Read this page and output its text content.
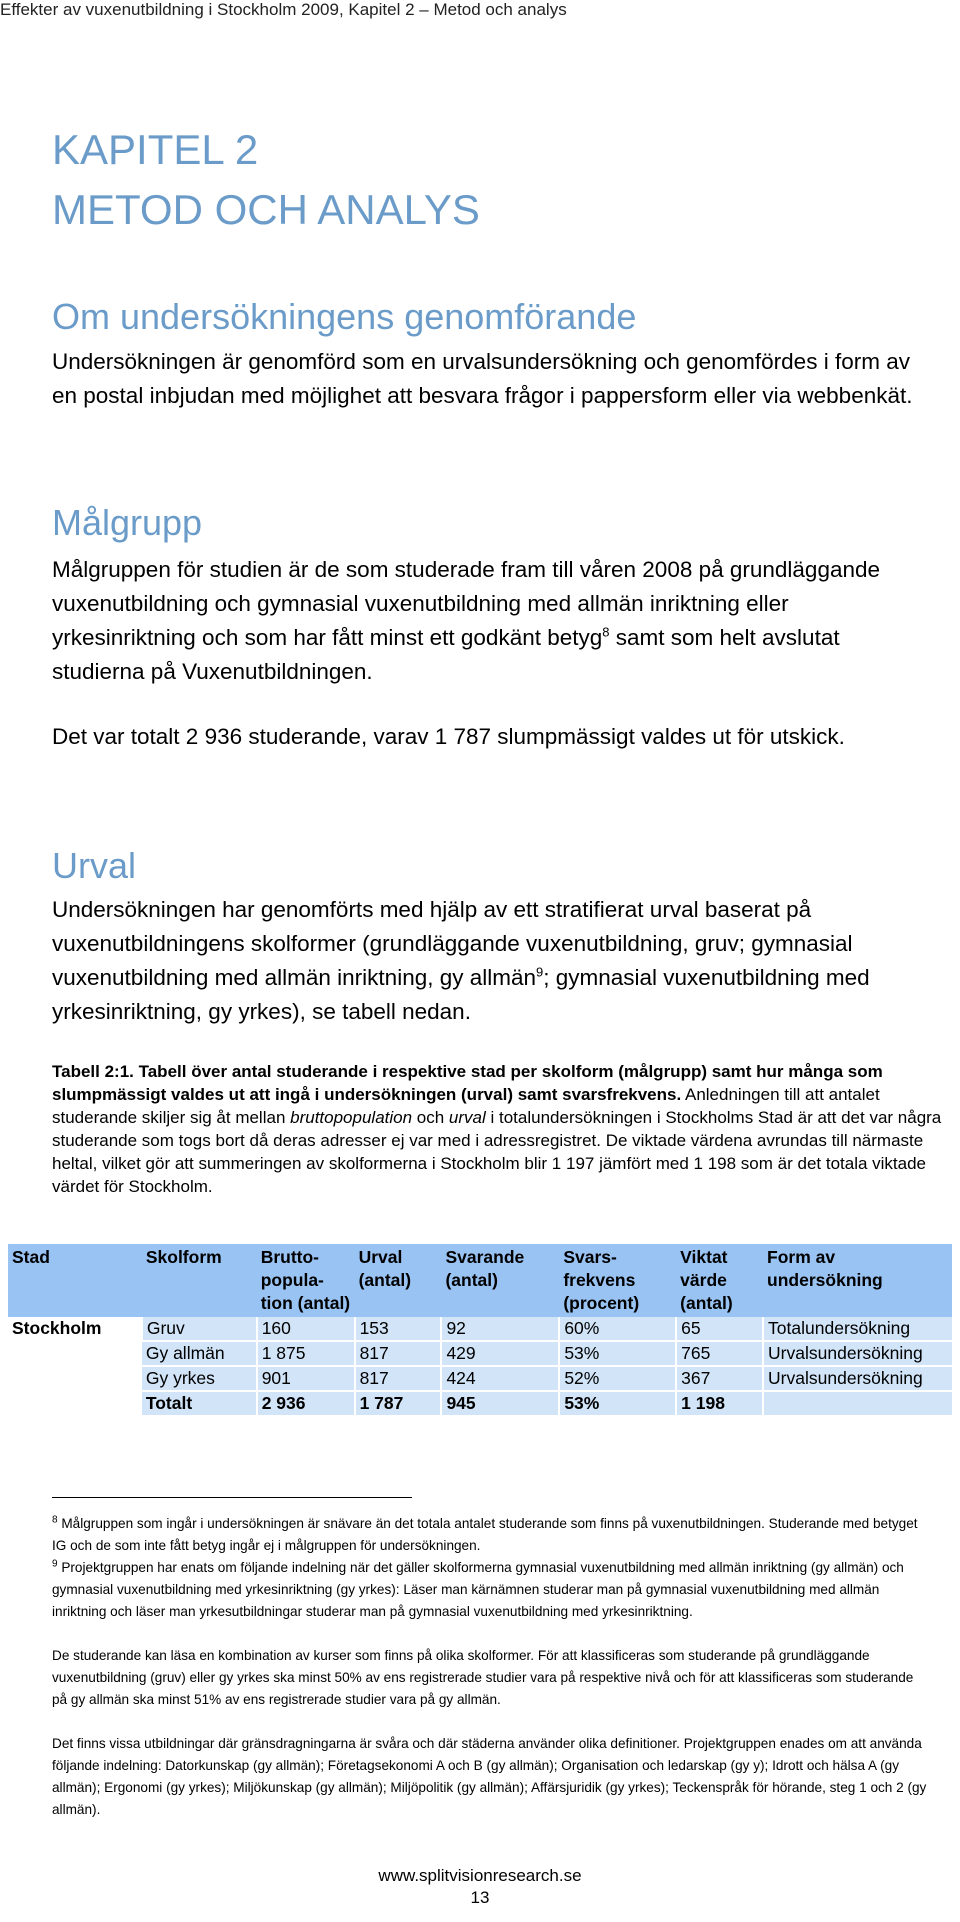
Effekter av vuxenutbildning i Stockholm 2009, Kapitel 2 – Metod och analys
KAPITEL 2
METOD OCH ANALYS
Om undersökningens genomförande

Undersökningen är genomförd som en urvalsundersökning och genomfördes i form av en postal inbjudan med möjlighet att besvara frågor i pappersform eller via webbenkät.

Målgrupp

Målgruppen för studien är de som studerade fram till våren 2008 på grundläggande vuxenutbildning och gymnasial vuxenutbildning med allmän inriktning eller yrkesinriktning och som har fått minst ett godkänt betyg$^8$ samt som helt avslutat studierna på Vuxenutbildningen.

Det var totalt 2 936 studerande, varav 1 787 slumpmässigt valdes ut för utskick.

Urval

Undersökningen har genomförts med hjälp av ett stratifierat urval baserat på vuxenutbildningens skolformer (grundläggande vuxenutbildning, gruv; gymnasial vuxenutbildning med allmän inriktning, gy allmän$^9$; gymnasial vuxenutbildning med yrkesinriktning, gy yrkes), se tabell nedan.

Tabell 2:1. Tabell över antal studerande i respektive stad per skolform (målgrupp) samt hur många som slumpmässigt valdes ut att ingå i undersökningen (urval) samt svarsfrekvens. Anledningen till att antalet studerande skiljer sig åt mellan bruttopopulation och urval i totalundersökningen i Stockholms Stad är att det var några studerande som togs bort då deras adresser ej var med i adressregistret. De viktade värdena avrundas till närmaste heltal, vilket gör att summeringen av skolformerna i Stockholm blir 1 197 jämfört med 1 198 som är det totala viktade värdet för Stockholm.

Stad	Skolform	Brutto-popula-tion (antal)	Urval (antal)	Svarande (antal)	Svars-frekvens (procent)	Viktat värde (antal)	Form av undersökning
Stockholm	Gruv	160	153	92	60%	65	Totalundersökning
	Gy allmän	1 875	817	429	53%	765	Urvalsundersökning
	Gy yrkes	901	817	424	52%	367	Urvalsundersökning
	Totalt	2 936	1 787	945	53%	1 198	

$^8$ Målgruppen som ingår i undersökningen är snävare än det totala antalet studerande som finns på vuxenutbildningen. Studerande med betyget IG och de som inte fått betyg ingår ej i målgruppen för undersökningen.

$^9$ Projektgruppen har enats om följande indelning när det gäller skolformerna gymnasial vuxenutbildning med allmän inriktning (gy allmän) och gymnasial vuxenutbildning med yrkesinriktning (gy yrkes): Läser man kärnämnen studerar man på gymnasial vuxenutbildning med allmän inriktning och läser man yrkesutbildningar studerar man på gymnasial vuxenutbildning med yrkesinriktning.

De studerande kan läsa en kombination av kurser som finns på olika skolformer. För att klassificeras som studerande på grundläggande vuxenutbildning (gruv) eller gy yrkes ska minst 50% av ens registrerade studier vara på respektive nivå och för att klassificeras som studerande på gy allmän ska minst 51% av ens registrerade studier vara på gy allmän.

Det finns vissa utbildningar där gränsdragningarna är svåra och där städerna använder olika definitioner. Projektgruppen enades om att använda följande indelning: Datorkunskap (gy allmän); Företagsekonomi A och B (gy allmän); Organisation och ledarskap (gy y); Idrott och hälsa A (gy allmän); Ergonomi (gy yrkes); Miljökunskap (gy allmän); Miljöpolitik (gy allmän); Affärsjuridik (gy yrkes); Teckenspråk för hörande, steg 1 och 2 (gy allmän).

www.splitvisionresearch.se
13
